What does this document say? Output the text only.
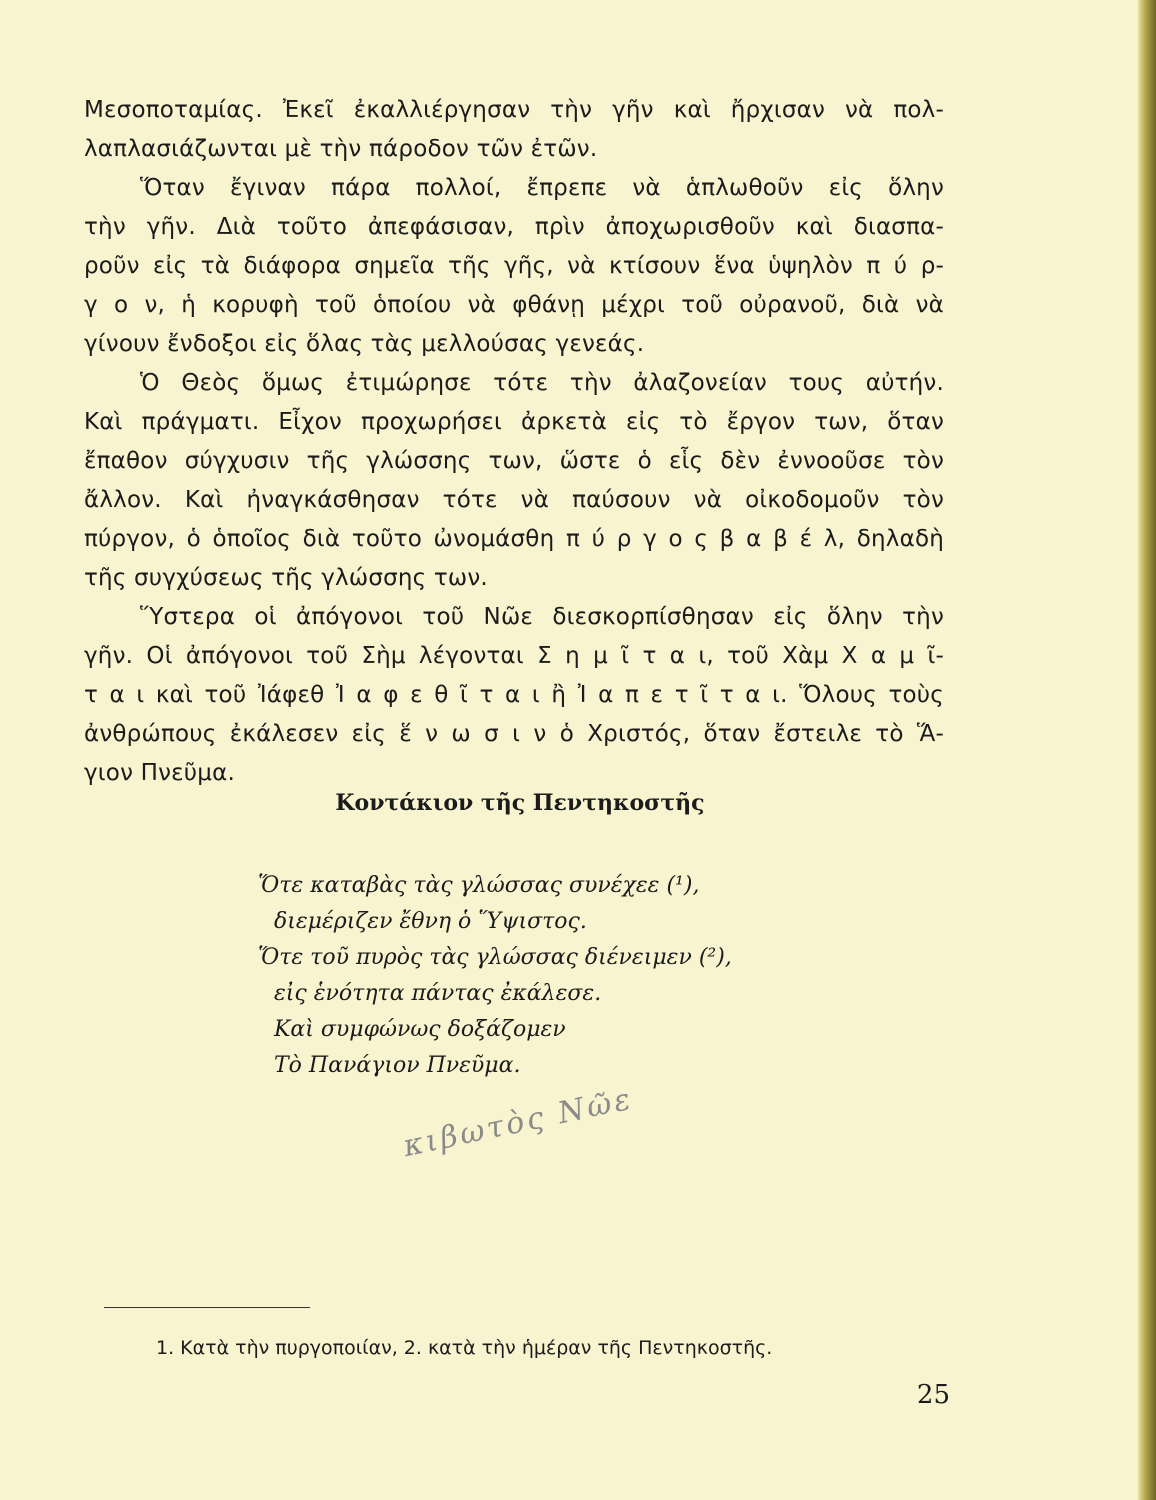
Μεσοποταμίας. Ἐκεῖ ἐκαλλιέργησαν τὴν γῆν καὶ ἤρχισαν νὰ πολ-
λαπλασιάζωνται μὲ τὴν πάροδον τῶν ἐτῶν.
Ὅταν ἔγιναν πάρα πολλοί, ἔπρεπε νὰ ἁπλωθοῦν εἰς ὅλην
τὴν γῆν. Διὰ τοῦτο ἀπεφάσισαν, πρὶν ἀποχωρισθοῦν καὶ διασπα-
ροῦν εἰς τὰ διάφορα σημεῖα τῆς γῆς, νὰ κτίσουν ἕνα ὑψηλὸν π ύ ρ-
γ ο ν, ἡ κορυφὴ τοῦ ὁποίου νὰ φθάνῃ μέχρι τοῦ οὐρανοῦ, διὰ νὰ
γίνουν ἔνδοξοι εἰς ὅλας τὰς μελλούσας γενεάς.
Ὁ Θεὸς ὅμως ἐτιμώρησε τότε τὴν ἀλαζονείαν τους αὐτήν.
Καὶ πράγματι. Εἶχον προχωρήσει ἀρκετὰ εἰς τὸ ἔργον των, ὅταν
ἔπαθον σύγχυσιν τῆς γλώσσης των, ὥστε ὁ εἷς δὲν ἐννοοῦσε τὸν
ἄλλον. Καὶ ἠναγκάσθησαν τότε νὰ παύσουν νὰ οἰκοδομοῦν τὸν
πύργον, ὁ ὁποῖος διὰ τοῦτο ὠνομάσθη π ύ ρ γ ο ς β α β έ λ, δηλαδὴ
τῆς συγχύσεως τῆς γλώσσης των.
Ὕστερα οἱ ἀπόγονοι τοῦ Νῶε διεσκορπίσθησαν εἰς ὅλην τὴν
γῆν. Οἱ ἀπόγονοι τοῦ Σὴμ λέγονται Σ η μ ῖ τ α ι, τοῦ Χὰμ Χ α μ ῖ-
τ α ι καὶ τοῦ Ἰάφεθ Ἰ α φ ε θ ῖ τ α ι ἢ Ἰ α π ε τ ῖ τ α ι. Ὅλους τοὺς
ἀνθρώπους ἐκάλεσεν εἰς ἕ ν ω σ ι ν ὁ Χριστός, ὅταν ἔστειλε τὸ Ἅ-
γιον Πνεῦμα.
Κοντάκιον τῆς Πεντηκοστῆς
Ὅτε καταβὰς τὰς γλώσσας συνέχεε (¹),
διεμέριζεν ἔθνη ὁ Ὕψιστος.
Ὅτε τοῦ πυρὸς τὰς γλώσσας διένειμεν (²),
εἰς ἑνότητα πάντας ἐκάλεσε.
Καὶ συμφώνως δοξάζομεν
Τὸ Πανάγιον Πνεῦμα.
κιβωτὸς Νῶε
1. Κατὰ τὴν πυργοποιίαν, 2. κατὰ τὴν ἡμέραν τῆς Πεντηκοστῆς.
25
